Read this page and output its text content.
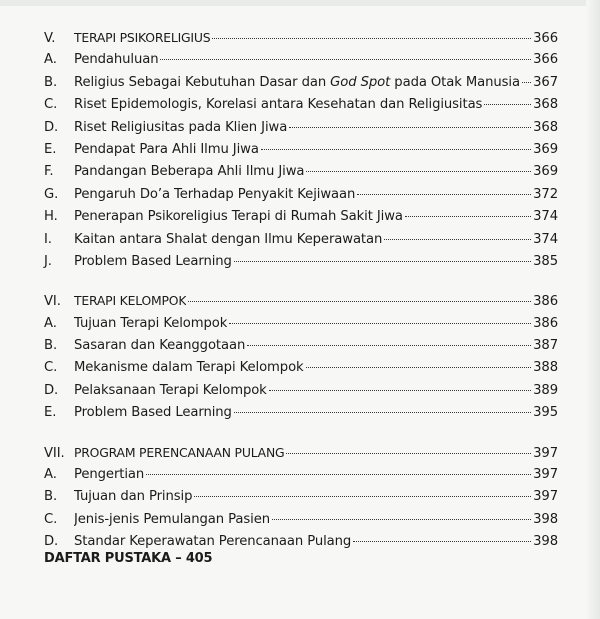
V.	TERAPI PSIKORELIGIUS	366
A.	Pendahuluan	366
B.	Religius Sebagai Kebutuhan Dasar dan God Spot pada Otak Manusia 367
C.	Riset Epidemologis, Korelasi antara Kesehatan dan Religiusitas	368
D.	Riset Religiusitas pada Klien Jiwa	368
E.	Pendapat Para Ahli Ilmu Jiwa	369
F.	Pandangan Beberapa Ahli Ilmu Jiwa	369
G.	Pengaruh Do’a Terhadap Penyakit Kejiwaan	372
H.	Penerapan Psikoreligius Terapi di Rumah Sakit Jiwa	374
I.	Kaitan antara Shalat dengan Ilmu Keperawatan	374
J.	Problem Based Learning	385
VI.	TERAPI KELOMPOK	386
A.	Tujuan Terapi Kelompok	386
B.	Sasaran dan Keanggotaan	387
C.	Mekanisme dalam Terapi Kelompok	388
D.	Pelaksanaan Terapi Kelompok	389
E.	Problem Based Learning	395
VII. PROGRAM PERENCANAAN PULANG	397
A.	Pengertian	397
B.	Tujuan dan Prinsip	397
C.	Jenis-jenis Pemulangan Pasien	398
D.	Standar Keperawatan Perencanaan Pulang	398
DAFTAR PUSTAKA – 405
